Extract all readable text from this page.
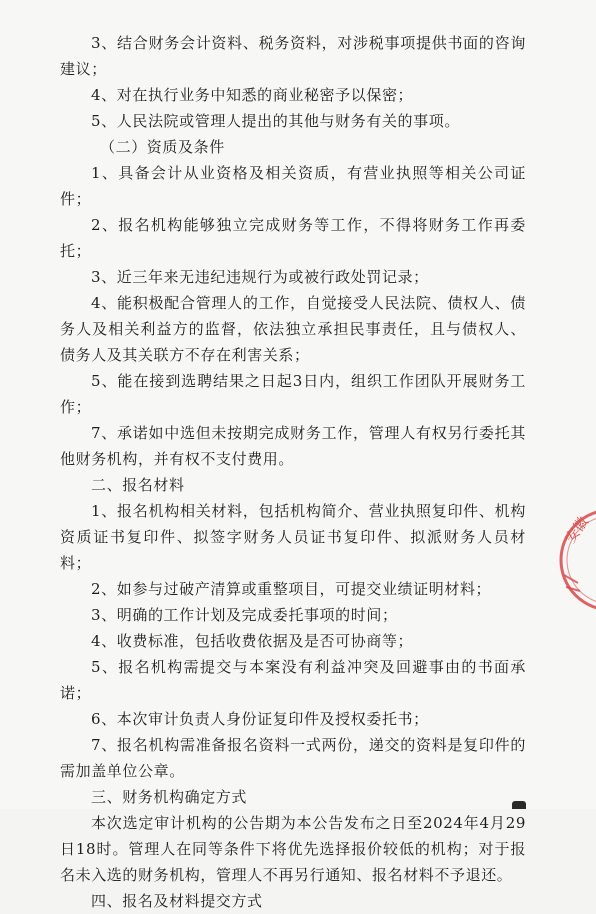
3、结合财务会计资料、税务资料，对涉税事项提供书面的咨询建议；

4、对在执行业务中知悉的商业秘密予以保密；

5、人民法院或管理人提出的其他与财务有关的事项。

（二）资质及条件

1、具备会计从业资格及相关资质，有营业执照等相关公司证件；

2、报名机构能够独立完成财务等工作，不得将财务工作再委托；

3、近三年来无违纪违规行为或被行政处罚记录；

4、能积极配合管理人的工作，自觉接受人民法院、债权人、债务人及相关利益方的监督，依法独立承担民事责任，且与债权人、债务人及其关联方不存在利害关系；

5、能在接到选聘结果之日起3日内，组织工作团队开展财务工作；

7、承诺如中选但未按期完成财务工作，管理人有权另行委托其他财务机构，并有权不支付费用。

二、报名材料

1、报名机构相关材料，包括机构简介、营业执照复印件、机构资质证书复印件、拟签字财务人员证书复印件、拟派财务人员材料；

2、如参与过破产清算或重整项目，可提交业绩证明材料；

3、明确的工作计划及完成委托事项的时间；

4、收费标准，包括收费依据及是否可协商等；

5、报名机构需提交与本案没有利益冲突及回避事由的书面承诺；

6、本次审计负责人身份证复印件及授权委托书；

7、报名机构需准备报名资料一式两份，递交的资料是复印件的需加盖单位公章。

三、财务机构确定方式

本次选定审计机构的公告期为本公告发布之日至2024年4月29日18时。管理人在同等条件下将优先选择报价较低的机构；对于报名未入选的财务机构，管理人不再另行通知、报名材料不予退还。

四、报名及材料提交方式

安徽
